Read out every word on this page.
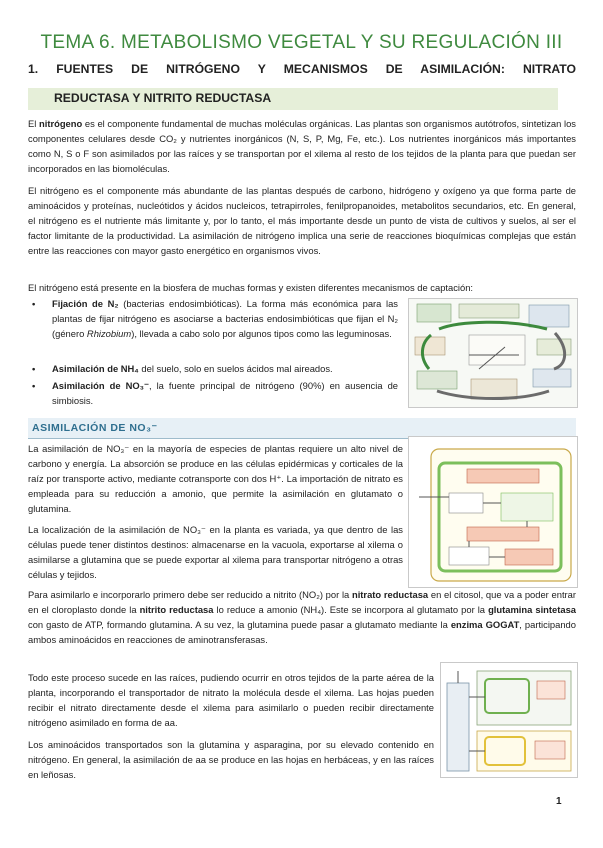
TEMA 6. METABOLISMO VEGETAL Y SU REGULACIÓN III
1. FUENTES DE NITRÓGENO Y MECANISMOS DE ASIMILACIÓN: NITRATO
REDUCTASA Y NITRITO REDUCTASA
El nitrógeno es el componente fundamental de muchas moléculas orgánicas. Las plantas son organismos autótrofos, sintetizan los componentes celulares desde CO₂ y nutrientes inorgánicos (N, S, P, Mg, Fe, etc.). Los nutrientes inorgánicos más importantes como N, S o F son asimilados por las raíces y se transportan por el xilema al resto de los tejidos de la planta para que puedan ser incorporados en las biomoléculas.
El nitrógeno es el componente más abundante de las plantas después de carbono, hidrógeno y oxígeno ya que forma parte de aminoácidos y proteínas, nucleótidos y ácidos nucleicos, tetrapirroles, fenilpropanoides, metabolitos secundarios, etc. En general, el nitrógeno es el nutriente más limitante y, por lo tanto, el más importante desde un punto de vista de cultivos y suelos, al ser el factor limitante de la productividad. La asimilación de nitrógeno implica una serie de reacciones bioquímicas complejas que están entre las reacciones con mayor gasto energético en organismos vivos.
El nitrógeno está presente en la biosfera de muchas formas y existen diferentes mecanismos de captación:
• Fijación de N₂ (bacterias endosimbióticas). La forma más económica para las plantas de fijar nitrógeno es asociarse a bacterias endosimbióticas que fijan el N₂ (género Rhizobium), llevada a cabo solo por algunos tipos como las leguminosas.
• Asimilación de NH₄ del suelo, solo en suelos ácidos mal aireados.
• Asimilación de NO₃⁻, la fuente principal de nitrógeno (90%) en ausencia de simbiosis.
ASIMILACIÓN DE NO₃⁻
La asimilación de NO₃⁻ en la mayoría de especies de plantas requiere un alto nivel de carbono y energía. La absorción se produce en las células epidérmicas y corticales de la raíz por transporte activo, mediante cotransporte con dos H⁺. La importación de nitrato es empleada para su reducción a amonio, que permite la asimilación en glutamato o glutamina.
La localización de la asimilación de NO₃⁻ en la planta es variada, ya que dentro de las células puede tener distintos destinos: almacenarse en la vacuola, exportarse al xilema o asimilarse a glutamina que se puede exportar al xilema para transportar nitrógeno a otras células y tejidos.
Para asimilarlo e incorporarlo primero debe ser reducido a nitrito (NO₂) por la nitrato reductasa en el citosol, que va a poder entrar en el cloroplasto donde la nitrito reductasa lo reduce a amonio (NH₄). Este se incorpora al glutamato por la glutamina sintetasa con gasto de ATP, formando glutamina. A su vez, la glutamina puede pasar a glutamato mediante la enzima GOGAT, participando ambos aminoácidos en reacciones de aminotransferasas.
Todo este proceso sucede en las raíces, pudiendo ocurrir en otros tejidos de la parte aérea de la planta, incorporando el transportador de nitrato la molécula desde el xilema. Las hojas pueden recibir el nitrato directamente desde el xilema para asimilarlo o pueden recibir directamente nitrógeno asimilado en forma de aa.
Los aminoácidos transportados son la glutamina y asparagina, por su elevado contenido en nitrógeno. En general, la asimilación de aa se produce en las hojas en herbáceas, y en las raíces en leñosas.
1
